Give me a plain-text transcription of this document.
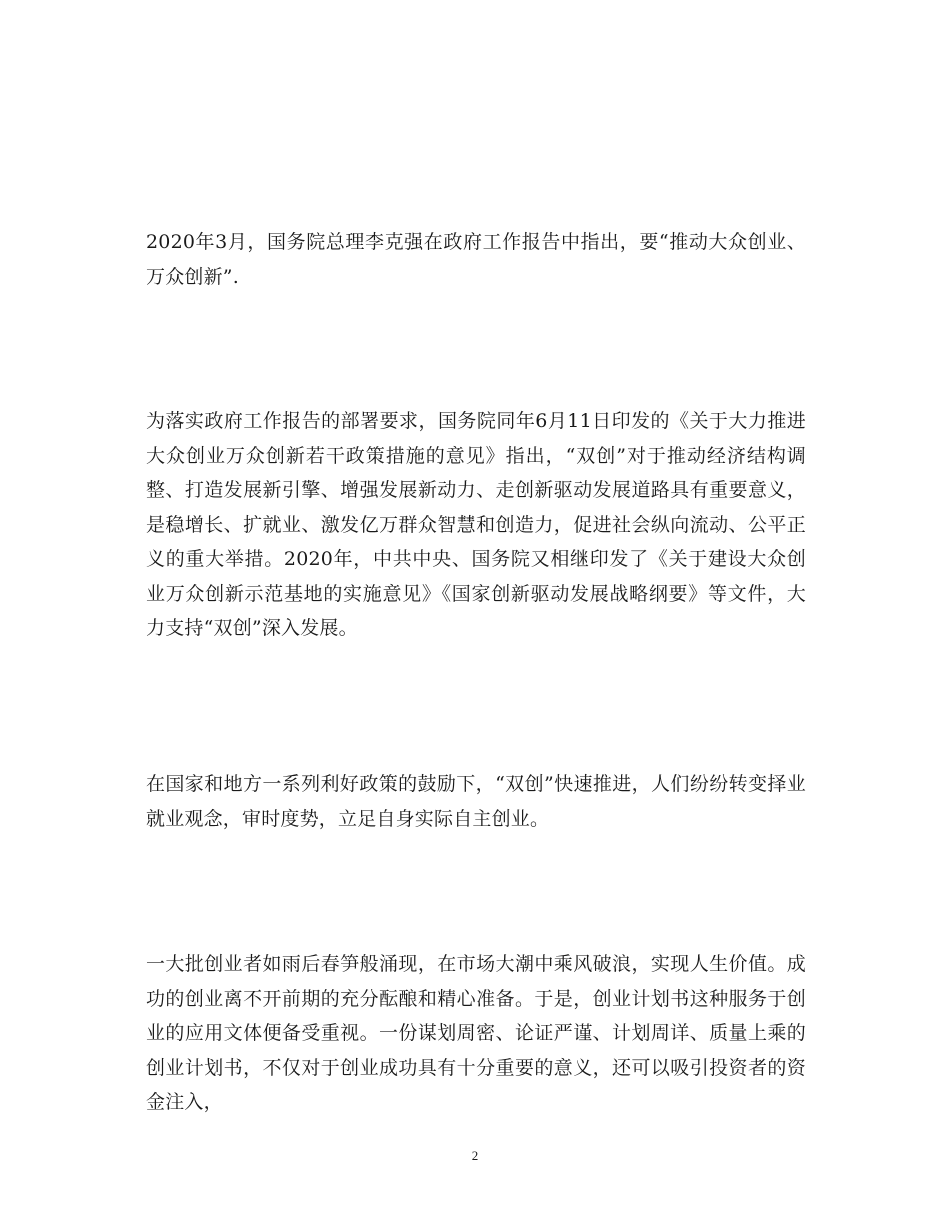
2020年3月，国务院总理李克强在政府工作报告中指出，要“推动大众创业、万众创新”.

为落实政府工作报告的部署要求，国务院同年6月11日印发的《关于大力推进大众创业万众创新若干政策措施的意见》指出，“双创”对于推动经济结构调整、打造发展新引擎、增强发展新动力、走创新驱动发展道路具有重要意义，是稳增长、扩就业、激发亿万群众智慧和创造力，促进社会纵向流动、公平正义的重大举措。2020年，中共中央、国务院又相继印发了《关于建设大众创业万众创新示范基地的实施意见》《国家创新驱动发展战略纲要》等文件，大力支持“双创”深入发展。

在国家和地方一系列利好政策的鼓励下，“双创”快速推进，人们纷纷转变择业就业观念，审时度势，立足自身实际自主创业。

一大批创业者如雨后春笋般涌现，在市场大潮中乘风破浪，实现人生价值。成功的创业离不开前期的充分酝酿和精心准备。于是，创业计划书这种服务于创业的应用文体便备受重视。一份谋划周密、论证严谨、计划周详、质量上乘的创业计划书，不仅对于创业成功具有十分重要的意义，还可以吸引投资者的资金注入，

2
